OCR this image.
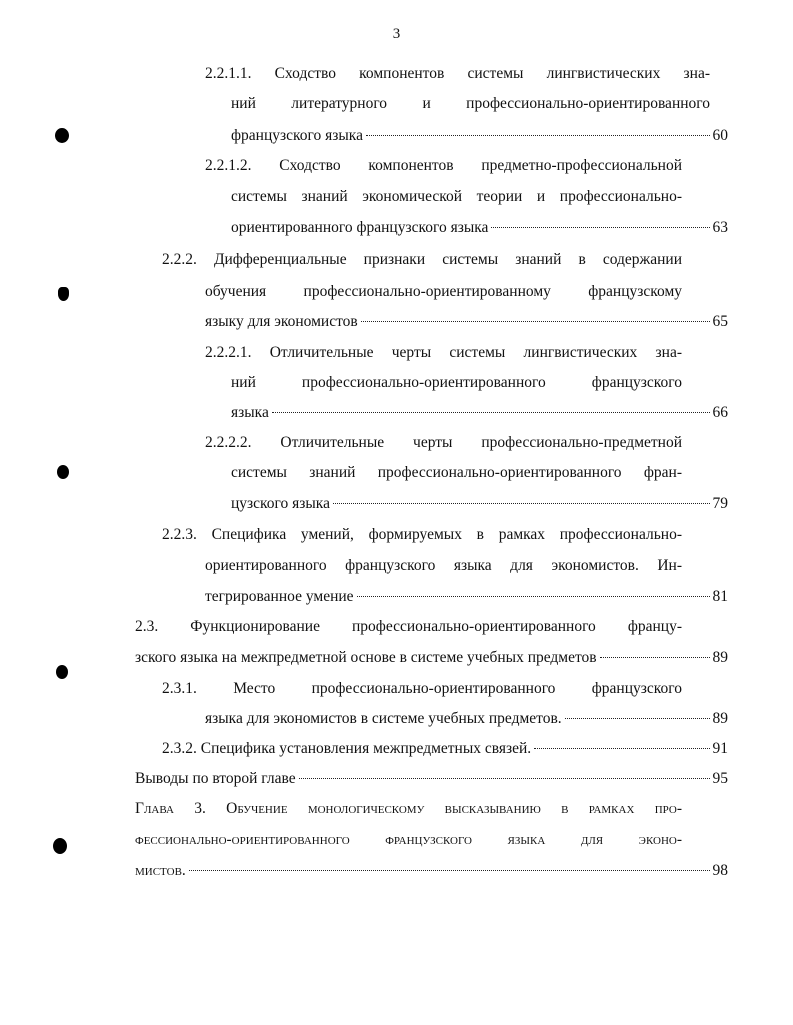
3
2.2.1.1. Сходство компонентов системы лингвистических зна-
ний литературного и профессионально-ориентированного
французского языка	60
2.2.1.2. Сходство компонентов предметно-профессиональной
системы знаний экономической теории и профессионально-
ориентированного французского языка	63
2.2.2. Дифференциальные признаки системы знаний в содержании
обучения профессионально-ориентированному французскому
языку для экономистов	65
2.2.2.1. Отличительные черты системы лингвистических зна-
ний профессионально-ориентированного французского
языка	66
2.2.2.2. Отличительные черты профессионально-предметной
системы знаний профессионально-ориентированного фран-
цузского языка	79
2.2.3. Специфика умений, формируемых в рамках профессионально-
ориентированного французского языка для экономистов. Ин-
тегрированное умение	81
2.3. Функционирование профессионально-ориентированного францу-
зского языка на межпредметной основе в системе учебных предметов	89
2.3.1. Место профессионально-ориентированного французского
языка для экономистов в системе учебных предметов.	89
2.3.2. Специфика установления межпредметных связей.	91
Выводы по второй главе	95
Глава 3. Обучение монологическому высказыванию в рамках про-
фессионально-ориентированного французского языка для эконо-
мистов.	98
